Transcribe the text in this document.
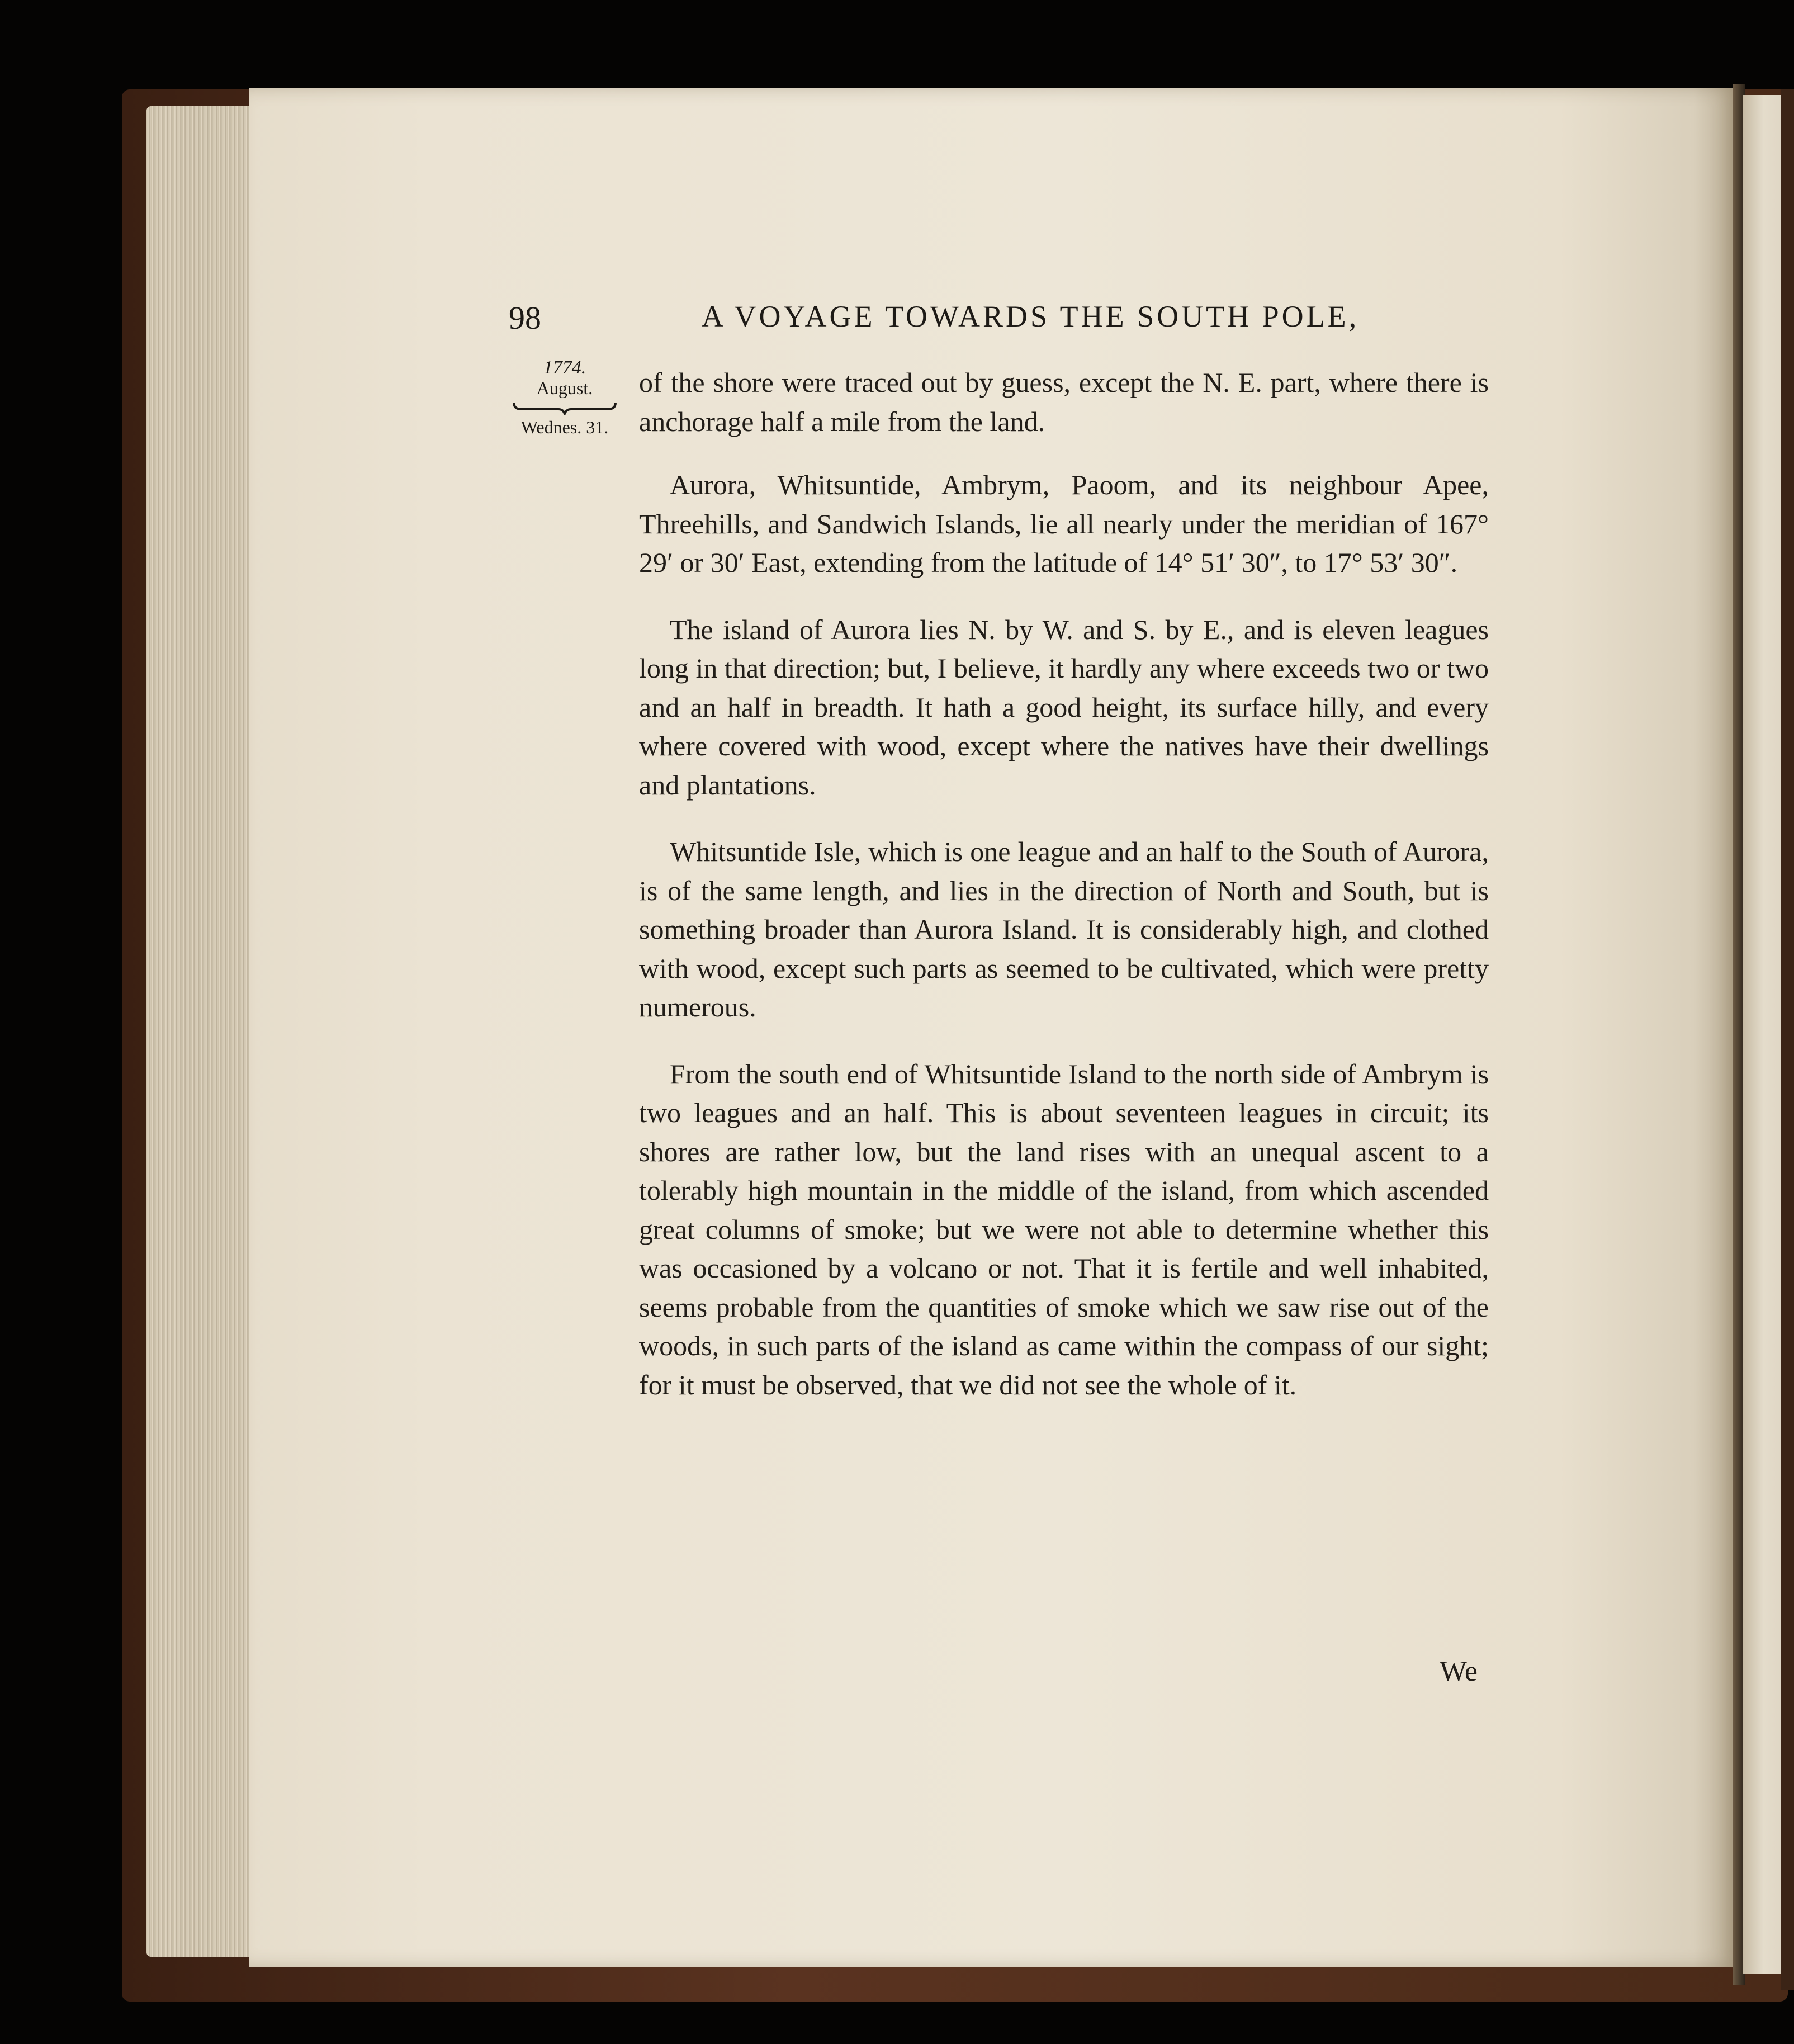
98	A VOYAGE TOWARDS THE SOUTH POLE,
1774.
August.
Wednes. 31.

of the shore were traced out by guess, except the N. E. part, where there is anchorage half a mile from the land.

Aurora, Whitsuntide, Ambrym, Paoom, and its neighbour Apee, Threehills, and Sandwich Islands, lie all nearly under the meridian of 167° 29′ or 30′ East, extending from the latitude of 14° 51′ 30″, to 17° 53′ 30″.

The island of Aurora lies N. by W. and S. by E., and is eleven leagues long in that direction; but, I believe, it hardly any where exceeds two or two and an half in breadth. It hath a good height, its surface hilly, and every where covered with wood, except where the natives have their dwellings and plantations.

Whitsuntide Isle, which is one league and an half to the South of Aurora, is of the same length, and lies in the direction of North and South, but is something broader than Aurora Island. It is considerably high, and clothed with wood, except such parts as seemed to be cultivated, which were pretty numerous.

From the south end of Whitsuntide Island to the north side of Ambrym is two leagues and an half. This is about seventeen leagues in circuit; its shores are rather low, but the land rises with an unequal ascent to a tolerably high mountain in the middle of the island, from which ascended great columns of smoke; but we were not able to determine whether this was occasioned by a volcano or not. That it is fertile and well inhabited, seems probable from the quantities of smoke which we saw rise out of the woods, in such parts of the island as came within the compass of our sight; for it must be observed, that we did not see the whole of it.

We
